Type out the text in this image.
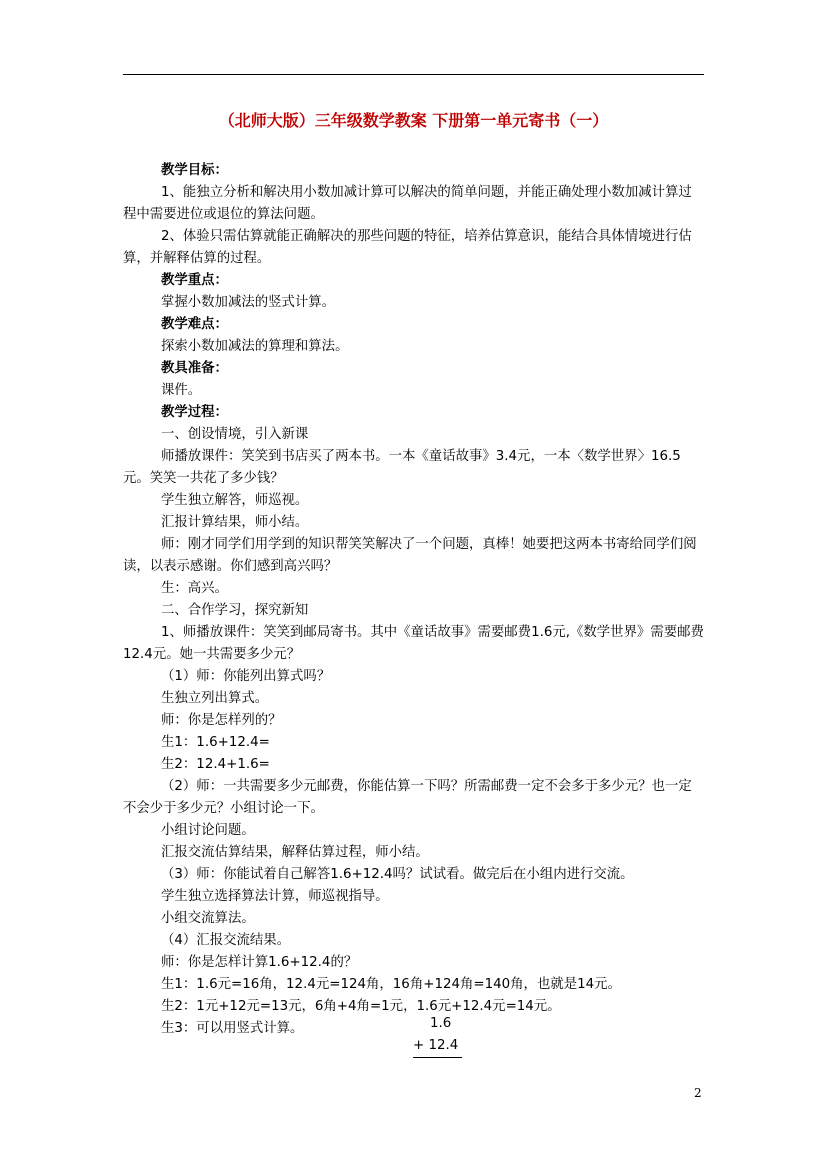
（北师大版）三年级数学教案 下册第一单元寄书（一）

教学目标：

1、能独立分析和解决用小数加减计算可以解决的简单问题，并能正确处理小数加减计算过程中需要进位或退位的算法问题。

2、体验只需估算就能正确解决的那些问题的特征，培养估算意识，能结合具体情境进行估算，并解释估算的过程。

教学重点：

掌握小数加减法的竖式计算。

教学难点：

探索小数加减法的算理和算法。

教具准备：

课件。

教学过程：

一、创设情境，引入新课

师播放课件：笑笑到书店买了两本书。一本《童话故事》3.4元，一本〈数学世界〉16.5元。笑笑一共花了多少钱？

学生独立解答，师巡视。

汇报计算结果，师小结。

师：刚才同学们用学到的知识帮笑笑解决了一个问题，真棒！她要把这两本书寄给同学们阅读，以表示感谢。你们感到高兴吗？

生：高兴。

二、合作学习，探究新知

1、师播放课件：笑笑到邮局寄书。其中《童话故事》需要邮费1.6元,《数学世界》需要邮费12.4元。她一共需要多少元？

（1）师：你能列出算式吗？

生独立列出算式。

师：你是怎样列的？

生1：1.6+12.4=

生2：12.4+1.6=

（2）师：一共需要多少元邮费，你能估算一下吗？所需邮费一定不会多于多少元？也一定不会少于多少元？小组讨论一下。

小组讨论问题。

汇报交流估算结果，解释估算过程，师小结。

（3）师：你能试着自己解答1.6+12.4吗？试试看。做完后在小组内进行交流。

学生独立选择算法计算，师巡视指导。

小组交流算法。

（4）汇报交流结果。

师：你是怎样计算1.6+12.4的？

生1：1.6元=16角，12.4元=124角，16角+124角=140角，也就是14元。

生2：1元+12元=13元，6角+4角=1元，1.6元+12.4元=14元。

生3：可以用竖式计算。	1.6
+ 12.4
2
